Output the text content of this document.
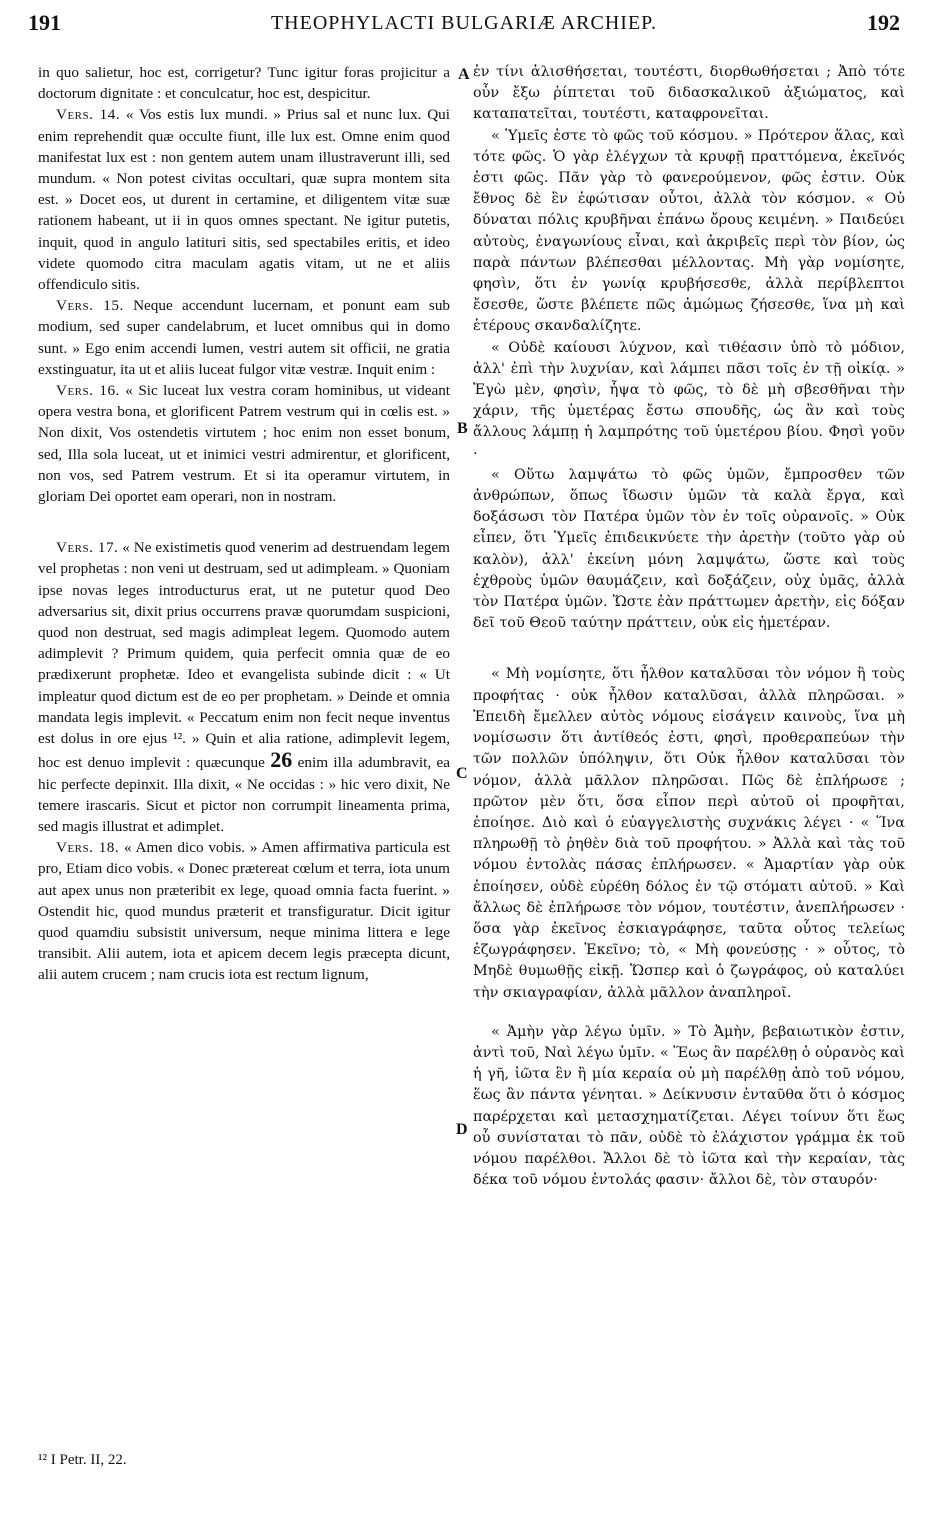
191	THEOPHYLACTI BULGARIÆ ARCHIEP.	192

in quo salietur, hoc est, corrigetur? Tunc igitur foras projicitur a doctorum dignitate : et conculcatur, hoc est, despicitur.

Vers. 14. « Vos estis lux mundi. » Prius sal et nunc lux. Qui enim reprehendit quæ occulte fiunt, ille lux est. Omne enim quod manifestat lux est : non gentem autem unam illustraverunt illi, sed mundum. « Non potest civitas occultari, quæ supra montem sita est. » Docet eos, ut durent in certamine, et diligentem vitæ suæ rationem habeant, ut ii in quos omnes spectant. Ne igitur putetis, inquit, quod in angulo latituri sitis, sed spectabiles eritis, et ideo videte quomodo citra maculam agatis vitam, ut ne et aliis offendiculo sitis.

Vers. 15. Neque accendunt lucernam, et ponunt eam sub modium, sed super candelabrum, et lucet omnibus qui in domo sunt. » Ego enim accendi lumen, vestri autem sit officii, ne gratia exstinguatur, ita ut et aliis luceat fulgor vitæ vestræ. Inquit enim :

Vers. 16. « Sic luceat lux vestra coram hominibus, ut videant opera vestra bona, et glorificent Patrem vestrum qui in cœlis est. » Non dixit, Vos ostendetis virtutem ; hoc enim non esset bonum, sed, Illa sola luceat, ut et inimici vestri admirentur, et glorificent, non vos, sed Patrem vestrum. Et si ita operamur virtutem, in gloriam Dei oportet eam operari, non in nostram.

Vers. 17. « Ne existimetis quod venerim ad destruendam legem vel prophetas : non veni ut destruam, sed ut adimpleam. » Quoniam ipse novas leges introducturus erat, ut ne putetur quod Deo adversarius sit, dixit prius occurrens pravæ quorumdam suspicioni, quod non destruat, sed magis adimpleat legem. Quomodo autem adimplevit ? Primum quidem, quia perfecit omnia quæ de eo prædixerunt prophetæ. Ideo et evangelista subinde dicit : « Ut impleatur quod dictum est de eo per prophetam. » Deinde et omnia mandata legis implevit. « Peccatum enim non fecit neque inventus est dolus in ore ejus ¹². » Quin et alia ratione, adimplevit legem, hoc est denuo implevit : quæcunque 26 enim illa adumbravit, ea hic perfecte depinxit. Illa dixit, « Ne occidas : » hic vero dixit, Ne temere irascaris. Sicut et pictor non corrumpit lineamenta prima, sed magis illustrat et adimplet.

Vers. 18. « Amen dico vobis. » Amen affirmativa particula est pro, Etiam dico vobis. « Donec prætereat cœlum et terra, iota unum aut apex unus non præteribit ex lege, quoad omnia facta fuerint. » Ostendit hic, quod mundus præterit et transfiguratur. Dicit igitur quod quamdiu subsistit universum, neque minima littera e lege transibit. Alii autem, iota et apicem decem legis præcepta dicunt, alii autem crucem ; nam crucis iota est rectum lignum,

A
B
C
D

ἐν τίνι ἀλισθήσεται, τουτέστι, διορθωθήσεται ; Ἀπὸ τότε οὖν ἔξω ῥίπτεται τοῦ διδασκαλικοῦ ἀξιώματος, καὶ καταπατεῖται, τουτέστι, καταφρονεῖται.

« Ὑμεῖς ἐστε τὸ φῶς τοῦ κόσμου. » Πρότερον ἅλας, καὶ τότε φῶς. Ὁ γὰρ ἐλέγχων τὰ κρυφῇ πραττόμενα, ἐκεῖνός ἐστι φῶς. Πᾶν γὰρ τὸ φανερούμενον, φῶς ἐστιν. Οὐκ ἔθνος δὲ ἓν ἐφώτισαν οὗτοι, ἀλλὰ τὸν κόσμον. « Οὐ δύναται πόλις κρυβῆναι ἐπάνω ὄρους κειμένη. » Παιδεύει αὐτοὺς, ἐναγωνίους εἶναι, καὶ ἀκριβεῖς περὶ τὸν βίον, ὡς παρὰ πάντων βλέπεσθαι μέλλοντας. Μὴ γὰρ νομίσητε, φησὶν, ὅτι ἐν γωνίᾳ κρυβήσεσθε, ἀλλὰ περίβλεπτοι ἔσεσθε, ὥστε βλέπετε πῶς ἀμώμως ζήσεσθε, ἵνα μὴ καὶ ἑτέρους σκανδαλίζητε.

« Οὐδὲ καίουσι λύχνον, καὶ τιθέασιν ὑπὸ τὸ μόδιον, ἀλλ' ἐπὶ τὴν λυχνίαν, καὶ λάμπει πᾶσι τοῖς ἐν τῇ οἰκίᾳ. » Ἐγὼ μὲν, φησὶν, ἧψα τὸ φῶς, τὸ δὲ μὴ σβεσθῆναι τὴν χάριν, τῆς ὑμετέρας ἔστω σπουδῆς, ὡς ἂν καὶ τοὺς ἄλλους λάμπῃ ἡ λαμπρότης τοῦ ὑμετέρου βίου. Φησὶ γοῦν ·

« Οὕτω λαμψάτω τὸ φῶς ὑμῶν, ἔμπροσθεν τῶν ἀνθρώπων, ὅπως ἴδωσιν ὑμῶν τὰ καλὰ ἔργα, καὶ δοξάσωσι τὸν Πατέρα ὑμῶν τὸν ἐν τοῖς οὐρανοῖς. » Οὐκ εἶπεν, ὅτι Ὑμεῖς ἐπιδεικνύετε τὴν ἀρετὴν (τοῦτο γὰρ οὐ καλὸν), ἀλλ' ἐκείνη μόνη λαμψάτω, ὥστε καὶ τοὺς ἐχθροὺς ὑμῶν θαυμάζειν, καὶ δοξάζειν, οὐχ ὑμᾶς, ἀλλὰ τὸν Πατέρα ὑμῶν. Ὥστε ἐὰν πράττωμεν ἀρετὴν, εἰς δόξαν δεῖ τοῦ Θεοῦ ταύτην πράττειν, οὐκ εἰς ἡμετέραν.

« Μὴ νομίσητε, ὅτι ἦλθον καταλῦσαι τὸν νόμον ἢ τοὺς προφήτας · οὐκ ἦλθον καταλῦσαι, ἀλλὰ πληρῶσαι. » Ἐπειδὴ ἔμελλεν αὐτὸς νόμους εἰσάγειν καινοὺς, ἵνα μὴ νομίσωσιν ὅτι ἀντίθεός ἐστι, φησὶ, προθεραπεύων τὴν τῶν πολλῶν ὑπόληψιν, ὅτι Οὐκ ἦλθον καταλῦσαι τὸν νόμον, ἀλλὰ μᾶλλον πληρῶσαι. Πῶς δὲ ἐπλήρωσε ; πρῶτον μὲν ὅτι, ὅσα εἶπον περὶ αὐτοῦ οἱ προφῆται, ἐποίησε. Διὸ καὶ ὁ εὐαγγελιστὴς συχνάκις λέγει · « Ἵνα πληρωθῇ τὸ ῥηθὲν διὰ τοῦ προφήτου. » Ἀλλὰ καὶ τὰς τοῦ νόμου ἐντολὰς πάσας ἐπλήρωσεν. « Ἁμαρτίαν γὰρ οὐκ ἐποίησεν, οὐδὲ εὑρέθη δόλος ἐν τῷ στόματι αὐτοῦ. » Καὶ ἄλλως δὲ ἐπλήρωσε τὸν νόμον, τουτέστιν, ἀνεπλήρωσεν · ὅσα γὰρ ἐκεῖνος ἐσκιαγράφησε, ταῦτα οὗτος τελείως ἐζωγράφησεν. Ἐκεῖνο; τὸ, « Μὴ φονεύσῃς · » οὗτος, τὸ Μηδὲ θυμωθῇς εἰκῇ. Ὥσπερ καὶ ὁ ζωγράφος, οὐ καταλύει τὴν σκιαγραφίαν, ἀλλὰ μᾶλλον ἀναπληροῖ.

« Ἀμὴν γὰρ λέγω ὑμῖν. » Τὸ Ἀμὴν, βεβαιωτικὸν ἐστιν, ἀντὶ τοῦ, Ναὶ λέγω ὑμῖν. « Ἕως ἂν παρέλθῃ ὁ οὐρανὸς καὶ ἡ γῆ, ἰῶτα ἓν ἢ μία κεραία οὐ μὴ παρέλθῃ ἀπὸ τοῦ νόμου, ἕως ἂν πάντα γένηται. » Δείκνυσιν ἐνταῦθα ὅτι ὁ κόσμος παρέρχεται καὶ μετασχηματίζεται. Λέγει τοίνυν ὅτι ἕως οὗ συνίσταται τὸ πᾶν, οὐδὲ τὸ ἐλάχιστον γράμμα ἐκ τοῦ νόμου παρέλθοι. Ἄλλοι δὲ τὸ ἰῶτα καὶ τὴν κεραίαν, τὰς δέκα τοῦ νόμου ἐντολάς φασιν· ἄλλοι δὲ, τὸν σταυρόν·

¹² I Petr. II, 22.
